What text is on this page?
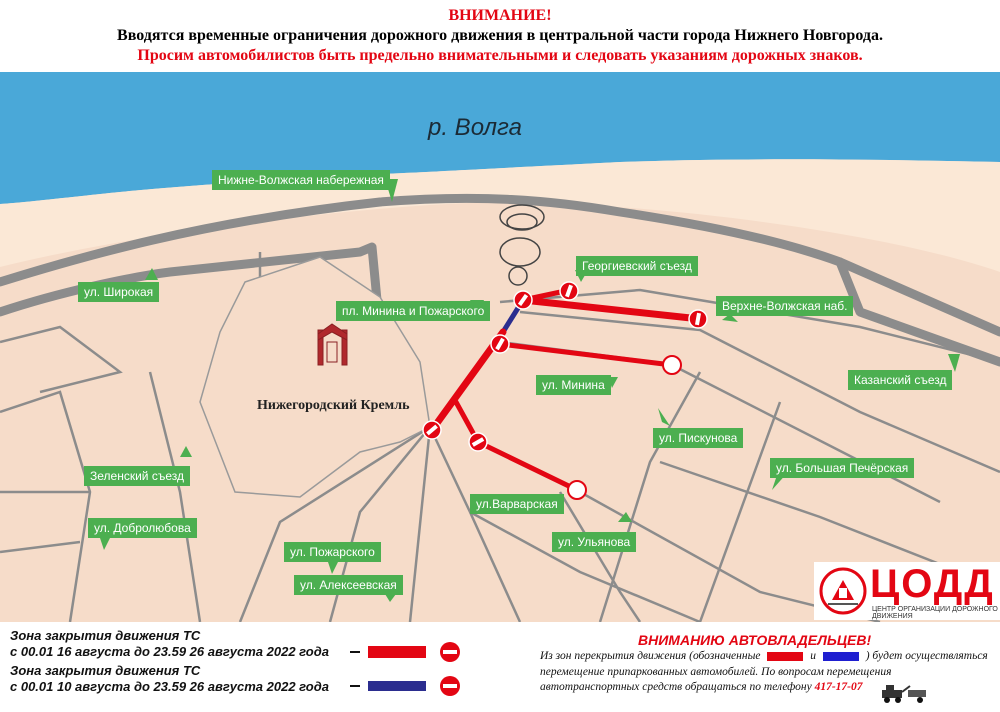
ВНИМАНИЕ!
Вводятся временные ограничения дорожного движения в центральной части города Нижнего Новгорода.
Просим автомобилистов быть предельно внимательными и следовать указаниям дорожных знаков.
р. Волга
Нижегородский Кремль
Нижне-Волжская набережная
ул. Широкая
пл. Минина и Пожарского
Георгиевский съезд
Верхне-Волжская наб.
Казанский съезд
ул. Минина
ул. Пискунова
ул. Большая Печёрская
Зеленский съезд
ул. Добролюбова
ул.Варварская
ул. Ульянова
ул. Пожарского
ул. Алексеевская	ЦОДД
ЦЕНТР ОРГАНИЗАЦИИ ДОРОЖНОГО ДВИЖЕНИЯ
Зона закрытия движения ТС
с 00.01 16 августа до 23.59 26 августа 2022 года
Зона закрытия движения ТС
с 00.01 10 августа до 23.59 26 августа 2022 года
ВНИМАНИЮ АВТОВЛАДЕЛЬЦЕВ!
Из зон перекрытия движения (обозначенные	и	) будет осуществляться
перемещение припаркованных автомобилей. По вопросам перемещения
автотранспортных средств обращаться по телефону 417-17-07
